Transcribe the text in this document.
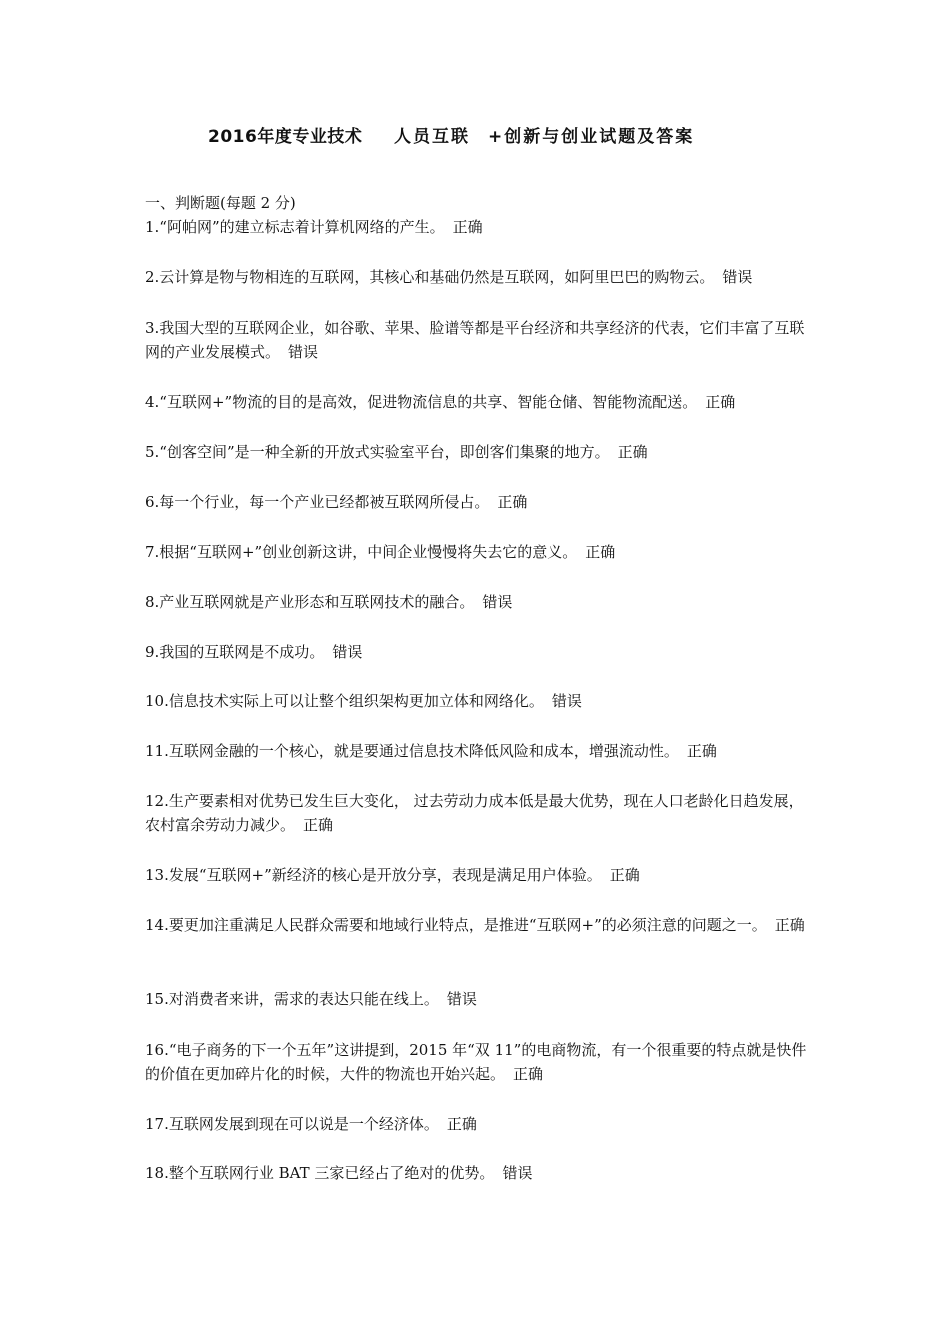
2016年度专业技术 人员互联 +创新与创业试题及答案
一、判断题(每题 2 分)
1.“阿帕网”的建立标志着计算机网络的产生。 正确
2.云计算是物与物相连的互联网，其核心和基础仍然是互联网，如阿里巴巴的购物云。 错误
3.我国大型的互联网企业，如谷歌、苹果、脸谱等都是平台经济和共享经济的代表，它们丰富了互联网的产业发展模式。 错误
4.“互联网+”物流的目的是高效，促进物流信息的共享、智能仓储、智能物流配送。 正确
5.“创客空间”是一种全新的开放式实验室平台，即创客们集聚的地方。 正确
6.每一个行业，每一个产业已经都被互联网所侵占。 正确
7.根据“互联网+”创业创新这讲，中间企业慢慢将失去它的意义。 正确
8.产业互联网就是产业形态和互联网技术的融合。 错误
9.我国的互联网是不成功。 错误
10.信息技术实际上可以让整个组织架构更加立体和网络化。 错误
11.互联网金融的一个核心，就是要通过信息技术降低风险和成本，增强流动性。 正确
12.生产要素相对优势已发生巨大变化， 过去劳动力成本低是最大优势，现在人口老龄化日趋发展，农村富余劳动力减少。 正确
13.发展“互联网+”新经济的核心是开放分享，表现是满足用户体验。 正确
14.要更加注重满足人民群众需要和地域行业特点，是推进“互联网+”的必须注意的问题之一。 正确
15.对消费者来讲，需求的表达只能在线上。 错误
16.“电子商务的下一个五年”这讲提到，2015 年“双 11”的电商物流，有一个很重要的特点就是快件的价值在更加碎片化的时候，大件的物流也开始兴起。 正确
17.互联网发展到现在可以说是一个经济体。 正确
18.整个互联网行业 BAT 三家已经占了绝对的优势。 错误
